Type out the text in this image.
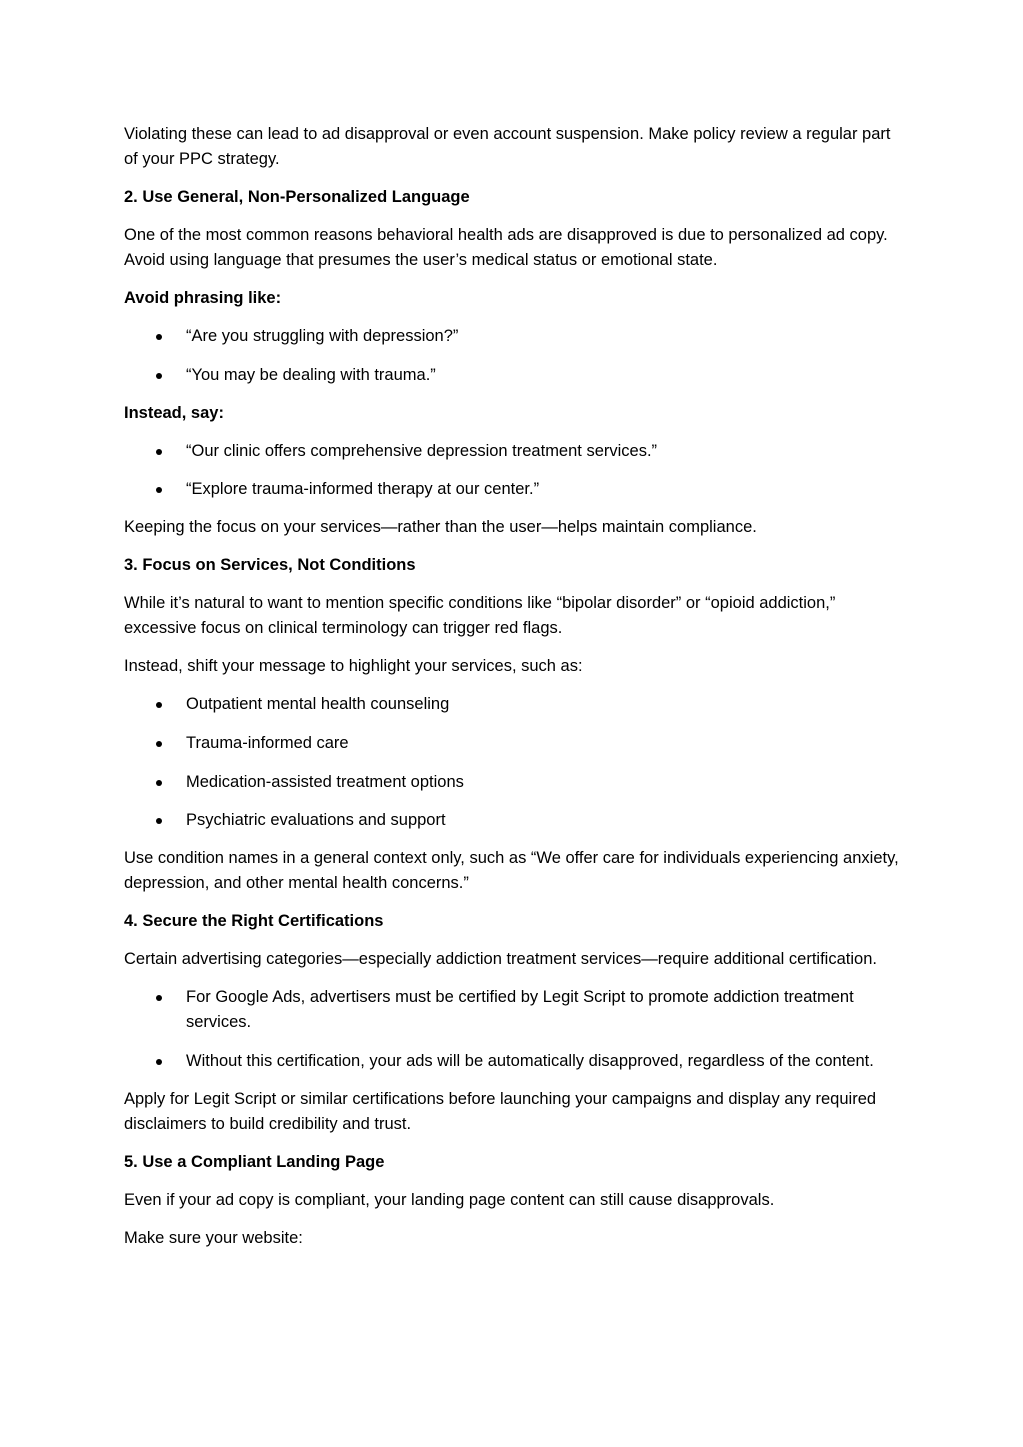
Violating these can lead to ad disapproval or even account suspension. Make policy review a regular part of your PPC strategy.

2. Use General, Non-Personalized Language

One of the most common reasons behavioral health ads are disapproved is due to personalized ad copy. Avoid using language that presumes the user’s medical status or emotional state.

Avoid phrasing like:

“Are you struggling with depression?”
“You may be dealing with trauma.”

Instead, say:

“Our clinic offers comprehensive depression treatment services.”
“Explore trauma-informed therapy at our center.”

Keeping the focus on your services—rather than the user—helps maintain compliance.

3. Focus on Services, Not Conditions

While it’s natural to want to mention specific conditions like “bipolar disorder” or “opioid addiction,” excessive focus on clinical terminology can trigger red flags.

Instead, shift your message to highlight your services, such as:

Outpatient mental health counseling
Trauma-informed care
Medication-assisted treatment options
Psychiatric evaluations and support

Use condition names in a general context only, such as “We offer care for individuals experiencing anxiety, depression, and other mental health concerns.”

4. Secure the Right Certifications

Certain advertising categories—especially addiction treatment services—require additional certification.

For Google Ads, advertisers must be certified by Legit Script to promote addiction treatment services.
Without this certification, your ads will be automatically disapproved, regardless of the content.

Apply for Legit Script or similar certifications before launching your campaigns and display any required disclaimers to build credibility and trust.

5. Use a Compliant Landing Page

Even if your ad copy is compliant, your landing page content can still cause disapprovals.

Make sure your website:
